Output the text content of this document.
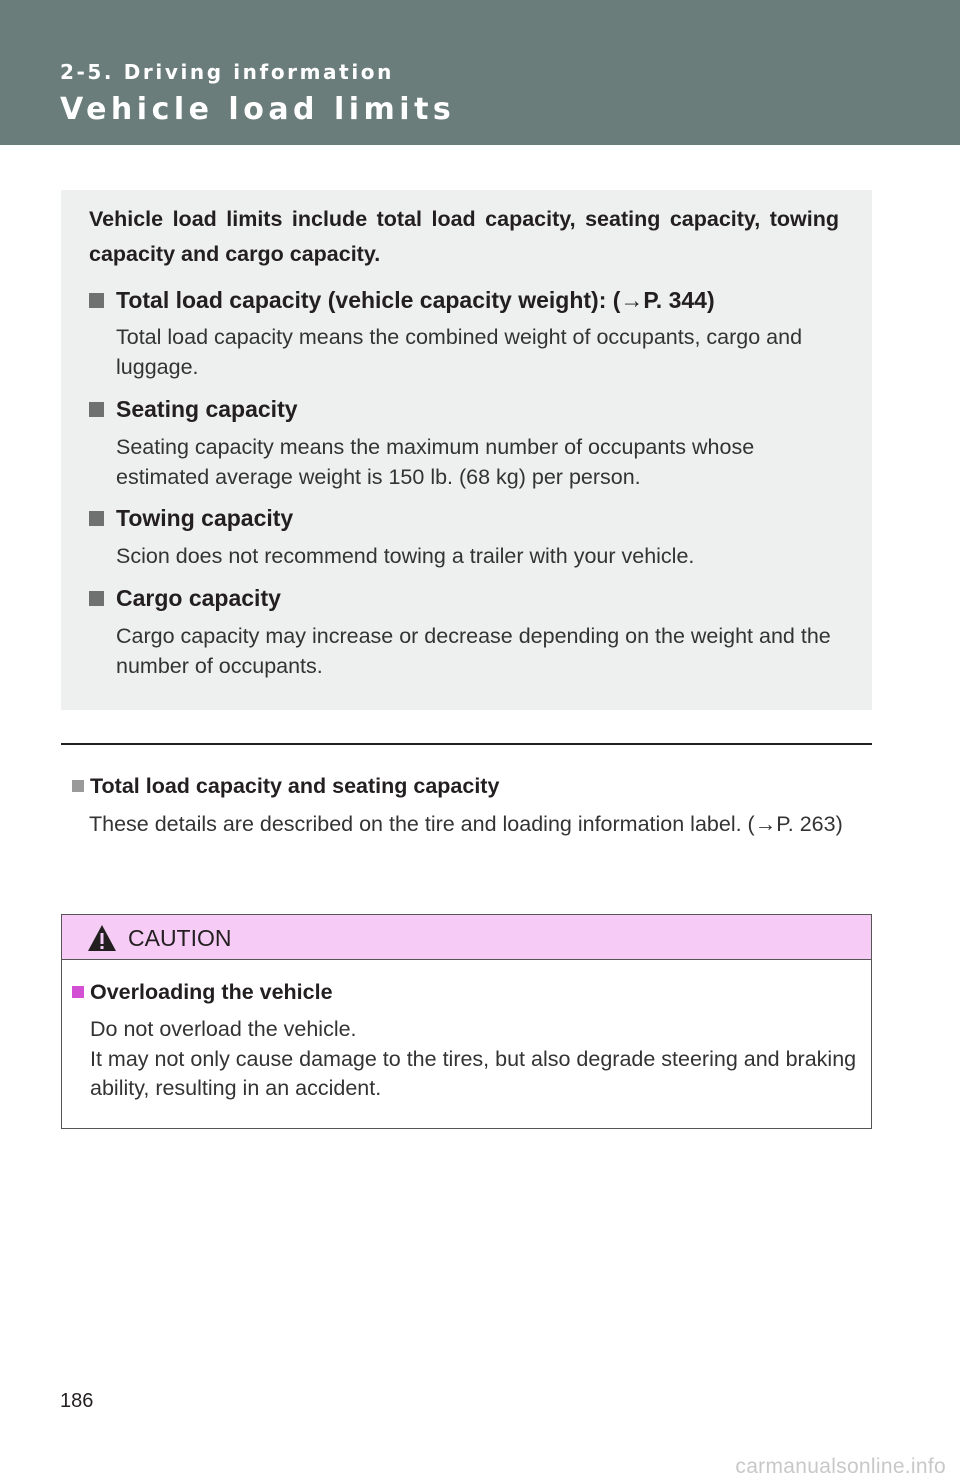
2-5. Driving information
Vehicle load limits
Vehicle load limits include total load capacity, seating capacity, towing capacity and cargo capacity.
Total load capacity (vehicle capacity weight): (→P. 344)
Total load capacity means the combined weight of occupants, cargo and luggage.
Seating capacity
Seating capacity means the maximum number of occupants whose estimated average weight is 150 lb. (68 kg) per person.
Towing capacity
Scion does not recommend towing a trailer with your vehicle.
Cargo capacity
Cargo capacity may increase or decrease depending on the weight and the number of occupants.
Total load capacity and seating capacity
These details are described on the tire and loading information label. (→P. 263)
CAUTION
Overloading the vehicle
Do not overload the vehicle.
It may not only cause damage to the tires, but also degrade steering and braking ability, resulting in an accident.
186
carmanualsonline.info
